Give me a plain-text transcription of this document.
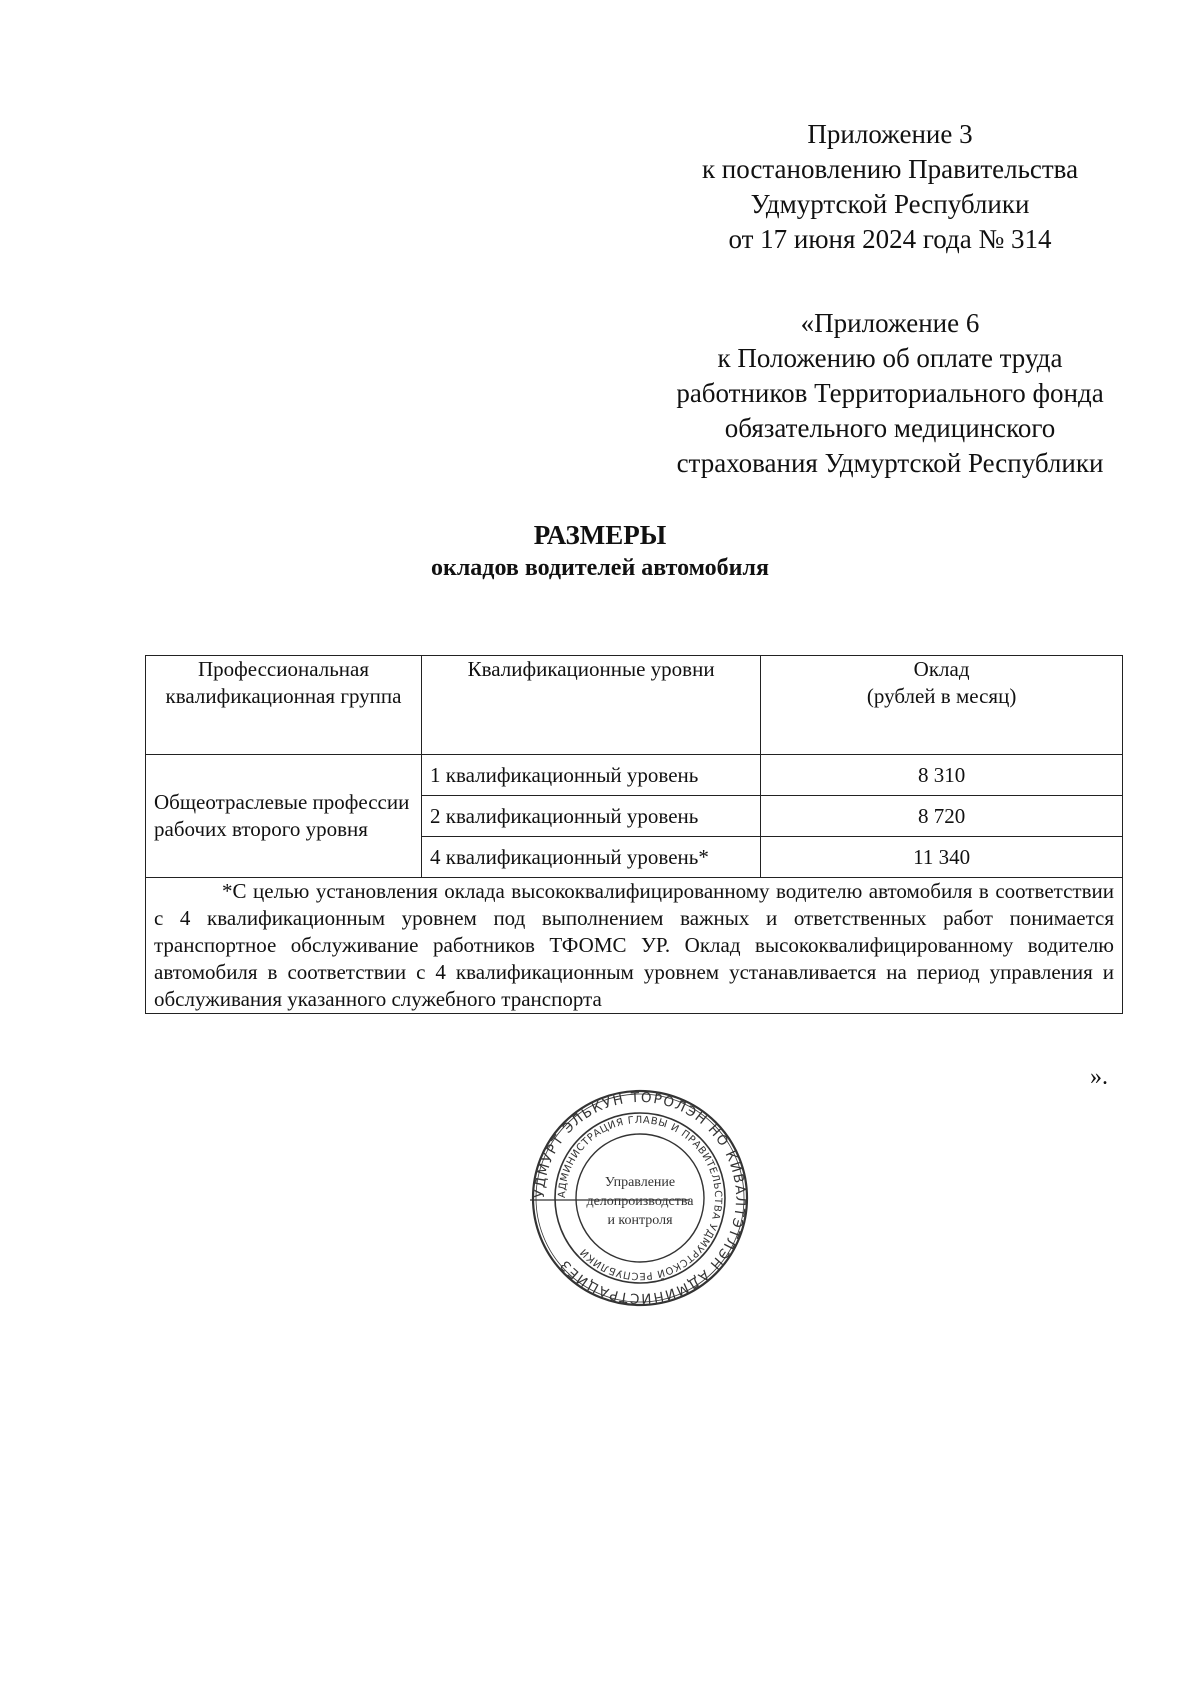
Приложение 3
к постановлению Правительства
Удмуртской Республики
от 17 июня 2024 года № 314
«Приложение 6
к Положению об оплате труда
работников Территориального фонда
обязательного медицинского
страхования Удмуртской Республики
РАЗМЕРЫ
окладов водителей автомобиля
Профессиональная квалификационная группа	Квалификационные уровни	Оклад
(рублей в месяц)
Общеотраслевые профессии рабочих второго уровня	1 квалификационный уровень	8 310
	2 квалификационный уровень	8 720
	4 квалификационный уровень*	11 340
*С целью установления оклада высококвалифицированному водителю автомобиля в соответствии с 4 квалификационным уровнем под выполнением важных и ответственных работ понимается транспортное обслуживание работников ТФОМС УР. Оклад высококвалифицированному водителю автомобиля в соответствии с 4 квалификационным уровнем устанавливается на период управления и обслуживания указанного служебного транспорта		
».
УДМУРТ ЭЛЬКУН ТОРОЛЭН НО КИВАЛТЭТЛЭН АДМИНИСТРАЦИЕЗ
АДМИНИСТРАЦИЯ ГЛАВЫ И ПРАВИТЕЛЬСТВА УДМУРТСКОЙ РЕСПУБЛИКИ
Управление
делопроизводства
и контроля
